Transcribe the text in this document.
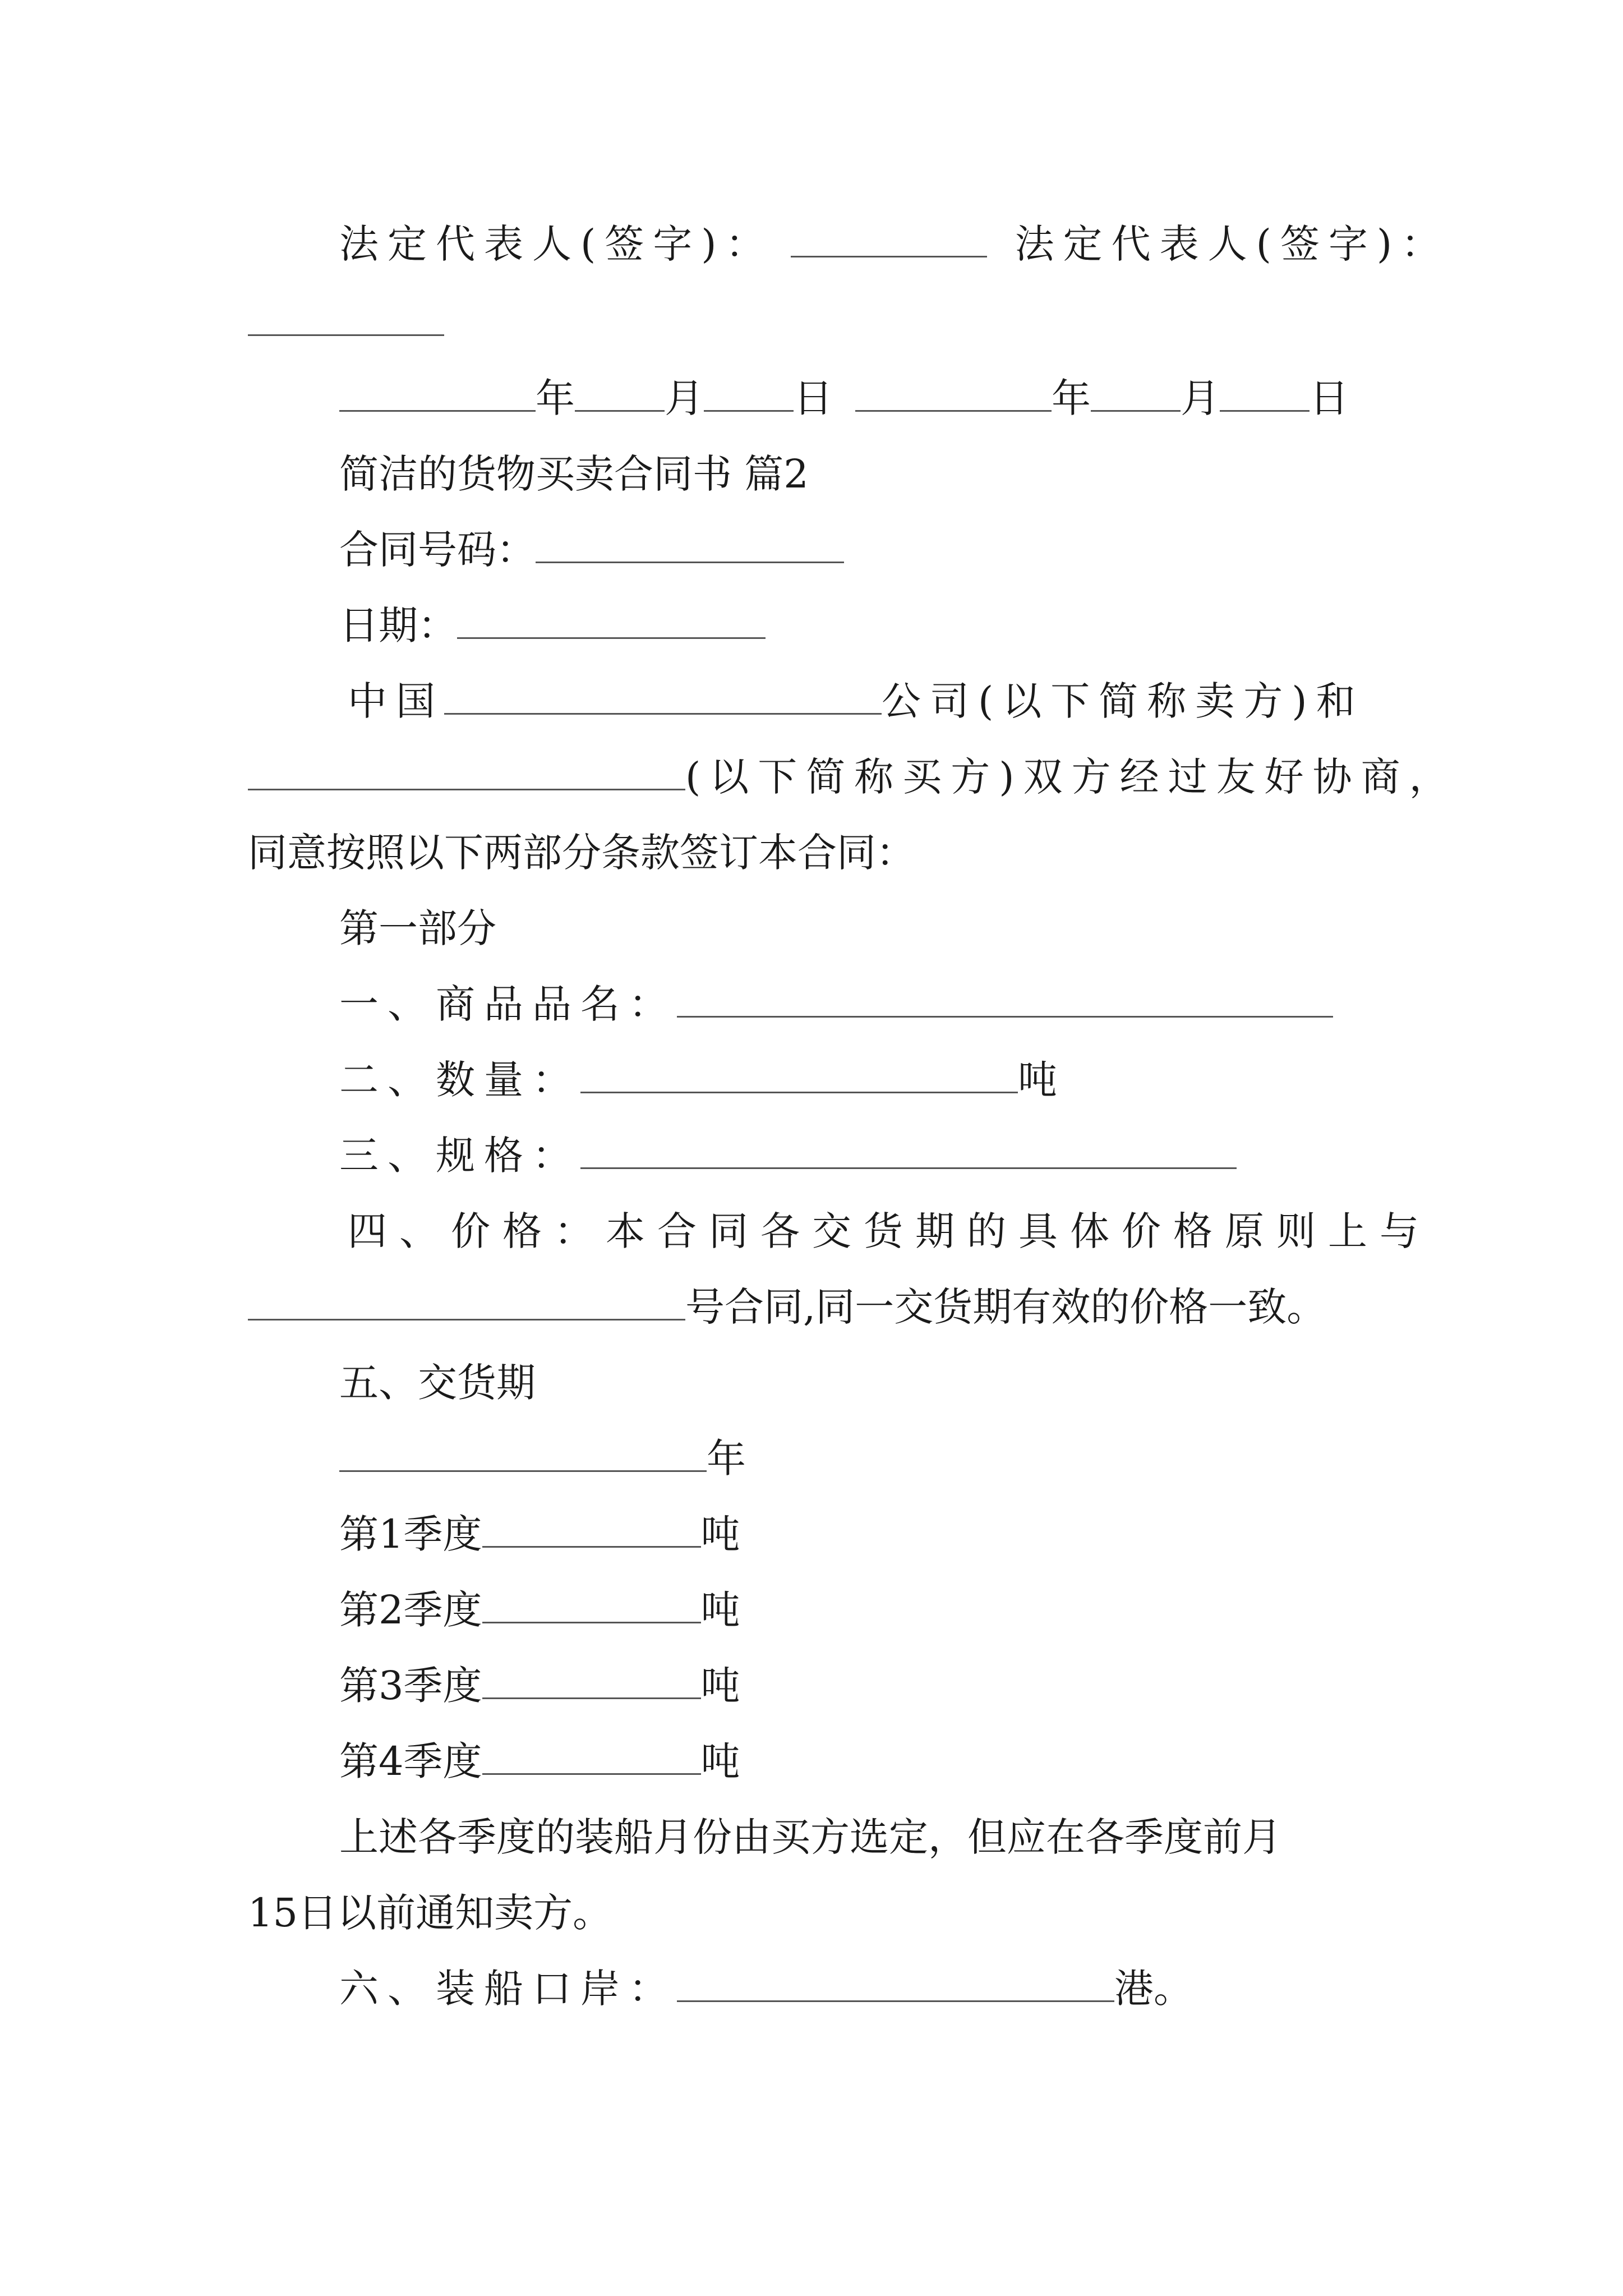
法定代表人(签字)：	法定代表人(签字)：
年 月 日	年 月 日
简洁的货物买卖合同书 篇2
合同号码：
日期：
中国	公司(以下简称卖方)和
(以下简称买方)双方经过友好协商，
同意按照以下两部分条款签订本合同：
第一部分
一、商品品名：
二、数量：	吨
三、规格：
四、价格：本合同各交货期的具体价格原则上与
号合同,同一交货期有效的价格一致。
五、交货期
年
第1季度	吨
第2季度	吨
第3季度	吨
第4季度	吨
上述各季度的装船月份由买方选定，但应在各季度前月
15日以前通知卖方。
六、装船口岸：	港。
